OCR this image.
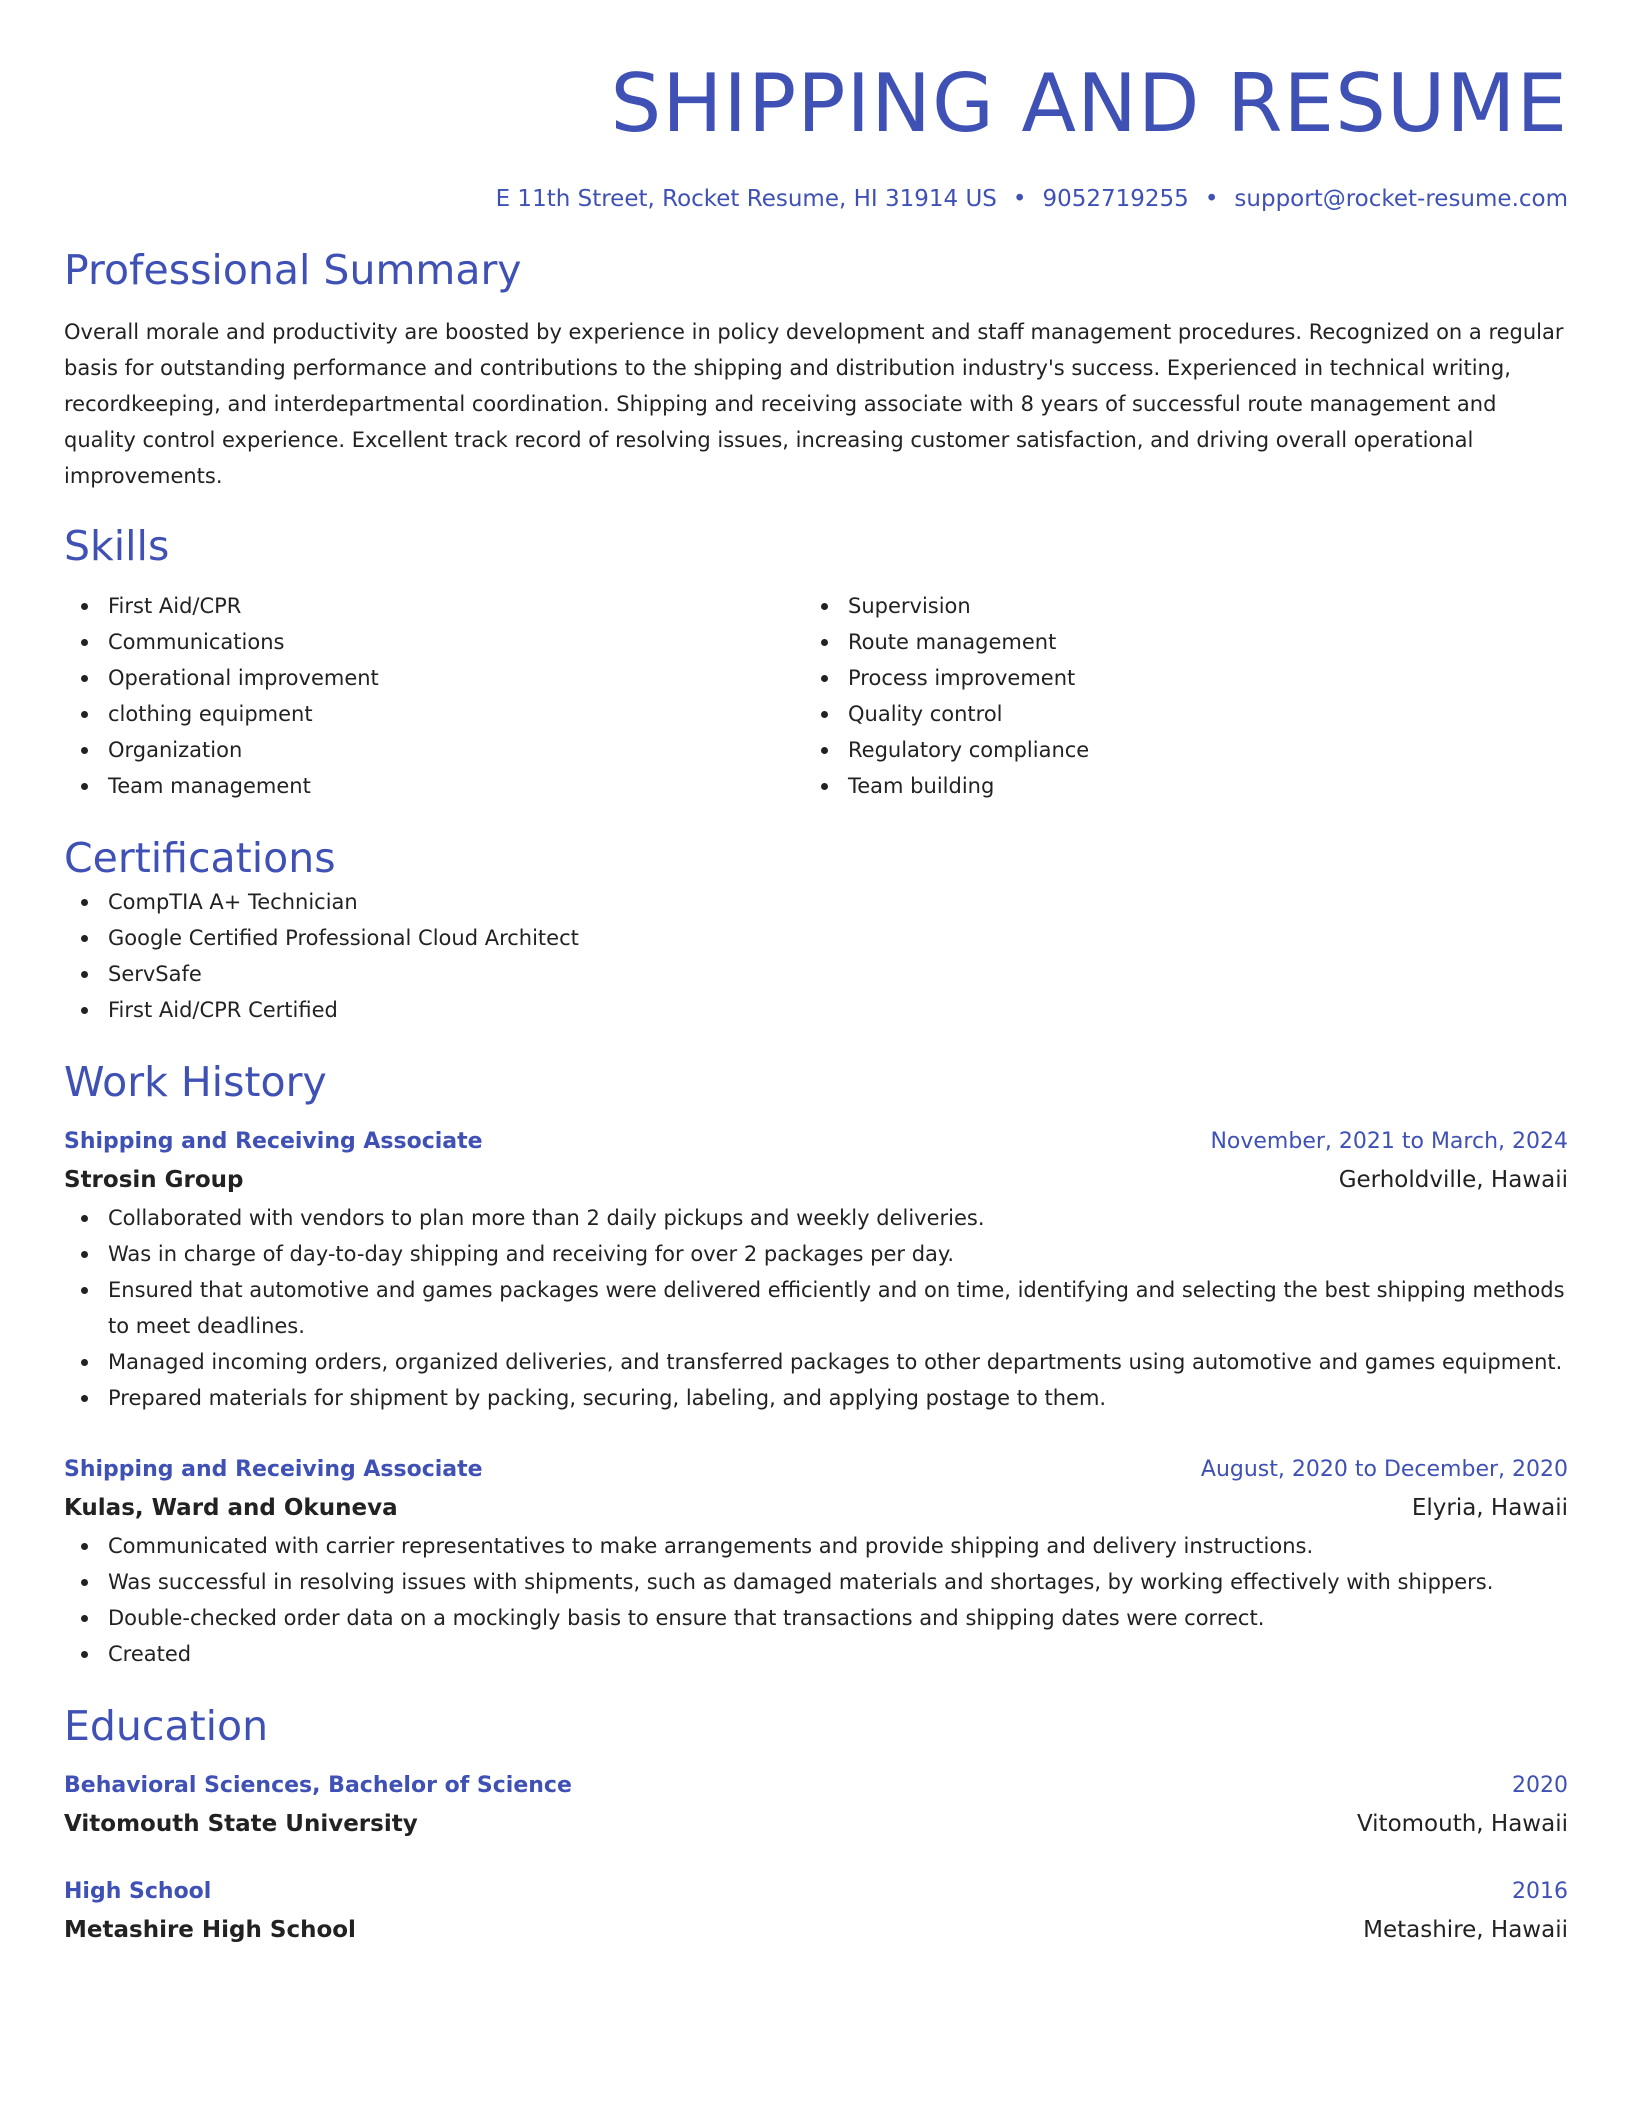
SHIPPING AND RESUME
E 11th Street, Rocket Resume, HI 31914 US • 9052719255 • support@rocket-resume.com
Professional Summary
Overall morale and productivity are boosted by experience in policy development and staff management procedures. Recognized on a regular basis for outstanding performance and contributions to the shipping and distribution industry's success. Experienced in technical writing, recordkeeping, and interdepartmental coordination. Shipping and receiving associate with 8 years of successful route management and quality control experience. Excellent track record of resolving issues, increasing customer satisfaction, and driving overall operational improvements.
Skills
First Aid/CPR
Communications
Operational improvement
clothing equipment
Organization
Team management
Supervision
Route management
Process improvement
Quality control
Regulatory compliance
Team building
Certifications
CompTIA A+ Technician
Google Certified Professional Cloud Architect
ServSafe
First Aid/CPR Certified
Work History
Shipping and Receiving Associate	November, 2021 to March, 2024
Strosin Group	Gerholdville, Hawaii
Collaborated with vendors to plan more than 2 daily pickups and weekly deliveries.
Was in charge of day-to-day shipping and receiving for over 2 packages per day.
Ensured that automotive and games packages were delivered efficiently and on time, identifying and selecting the best shipping methods to meet deadlines.
Managed incoming orders, organized deliveries, and transferred packages to other departments using automotive and games equipment.
Prepared materials for shipment by packing, securing, labeling, and applying postage to them.
Shipping and Receiving Associate	August, 2020 to December, 2020
Kulas, Ward and Okuneva	Elyria, Hawaii
Communicated with carrier representatives to make arrangements and provide shipping and delivery instructions.
Was successful in resolving issues with shipments, such as damaged materials and shortages, by working effectively with shippers.
Double-checked order data on a mockingly basis to ensure that transactions and shipping dates were correct.
Created
Education
Behavioral Sciences, Bachelor of Science	2020
Vitomouth State University	Vitomouth, Hawaii
High School	2016
Metashire High School	Metashire, Hawaii
